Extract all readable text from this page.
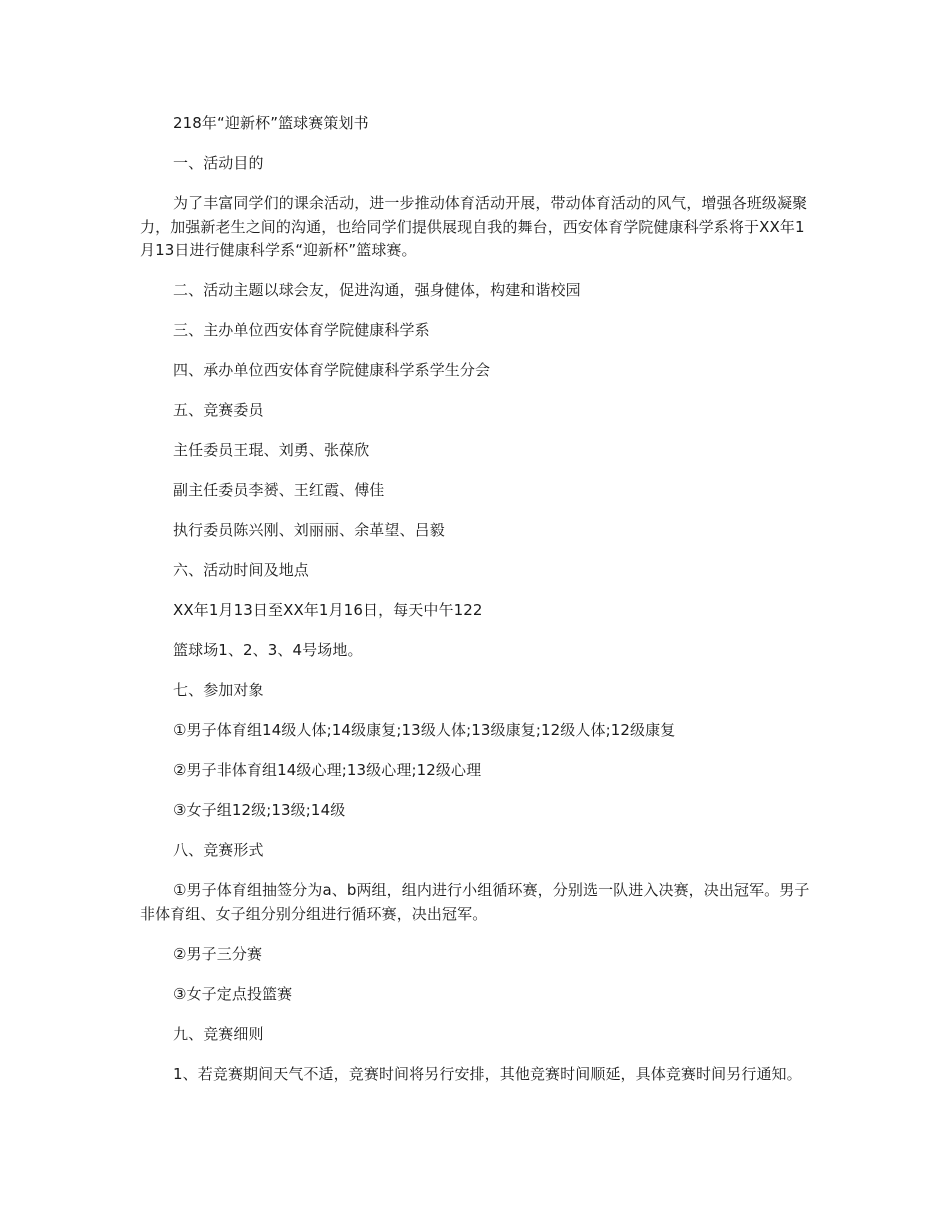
218年“迎新杯”篮球赛策划书

一、活动目的

为了丰富同学们的课余活动，进一步推动体育活动开展，带动体育活动的风气，增强各班级凝聚力，加强新老生之间的沟通，也给同学们提供展现自我的舞台，西安体育学院健康科学系将于XX年1月13日进行健康科学系“迎新杯”篮球赛。

二、活动主题以球会友，促进沟通，强身健体，构建和谐校园

三、主办单位西安体育学院健康科学系

四、承办单位西安体育学院健康科学系学生分会

五、竞赛委员

主任委员王琨、刘勇、张葆欣

副主任委员李赟、王红霞、傅佳

执行委员陈兴刚、刘丽丽、余革望、吕毅

六、活动时间及地点

XX年1月13日至XX年1月16日，每天中午122

篮球场1、2、3、4号场地。

七、参加对象

①男子体育组14级人体;14级康复;13级人体;13级康复;12级人体;12级康复

②男子非体育组14级心理;13级心理;12级心理

③女子组12级;13级;14级

八、竞赛形式

①男子体育组抽签分为a、b两组，组内进行小组循环赛，分别选一队进入决赛，决出冠军。男子非体育组、女子组分别分组进行循环赛，决出冠军。

②男子三分赛

③女子定点投篮赛

九、竞赛细则

1、若竞赛期间天气不适，竞赛时间将另行安排，其他竞赛时间顺延，具体竞赛时间另行通知。
